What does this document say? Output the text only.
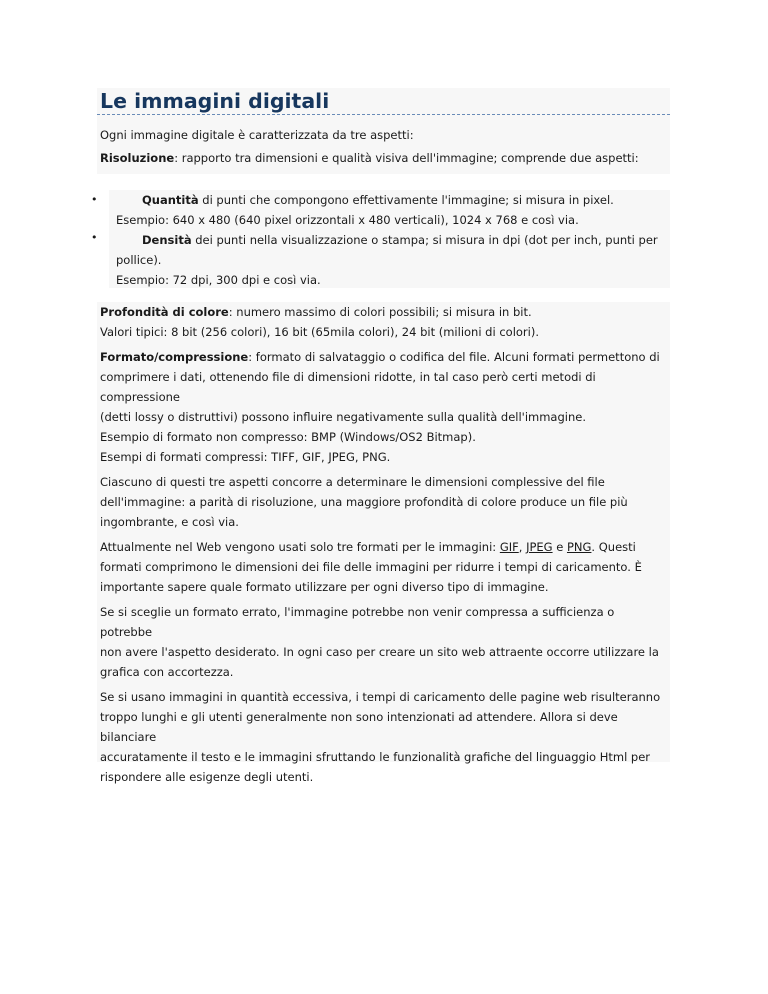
Le immagini digitali

Ogni immagine digitale è caratterizzata da tre aspetti:

Risoluzione: rapporto tra dimensioni e qualità visiva dell'immagine; comprende due aspetti:

•
•

Quantità di punti che compongono effettivamente l'immagine; si misura in pixel.

Esempio: 640 x 480 (640 pixel orizzontali x 480 verticali), 1024 x 768 e così via.

Densità dei punti nella visualizzazione o stampa; si misura in dpi (dot per inch, punti per

pollice).

Esempio: 72 dpi, 300 dpi e così via.

Profondità di colore: numero massimo di colori possibili; si misura in bit.

Valori tipici: 8 bit (256 colori), 16 bit (65mila colori), 24 bit (milioni di colori).

Formato/compressione: formato di salvataggio o codifica del file. Alcuni formati permettono di

comprimere i dati, ottenendo file di dimensioni ridotte, in tal caso però certi metodi di compressione

(detti lossy o distruttivi) possono influire negativamente sulla qualità dell'immagine.

Esempio di formato non compresso: BMP (Windows/OS2 Bitmap).

Esempi di formati compressi: TIFF, GIF, JPEG, PNG.

Ciascuno di questi tre aspetti concorre a determinare le dimensioni complessive del file

dell'immagine: a parità di risoluzione, una maggiore profondità di colore produce un file più

ingombrante, e così via.

Attualmente nel Web vengono usati solo tre formati per le immagini: GIF, JPEG e PNG. Questi

formati comprimono le dimensioni dei file delle immagini per ridurre i tempi di caricamento. È

importante sapere quale formato utilizzare per ogni diverso tipo di immagine.

Se si sceglie un formato errato, l'immagine potrebbe non venir compressa a sufficienza o potrebbe

non avere l'aspetto desiderato. In ogni caso per creare un sito web attraente occorre utilizzare la

grafica con accortezza.

Se si usano immagini in quantità eccessiva, i tempi di caricamento delle pagine web risulteranno

troppo lunghi e gli utenti generalmente non sono intenzionati ad attendere. Allora si deve bilanciare

accuratamente il testo e le immagini sfruttando le funzionalità grafiche del linguaggio Html per

rispondere alle esigenze degli utenti.
